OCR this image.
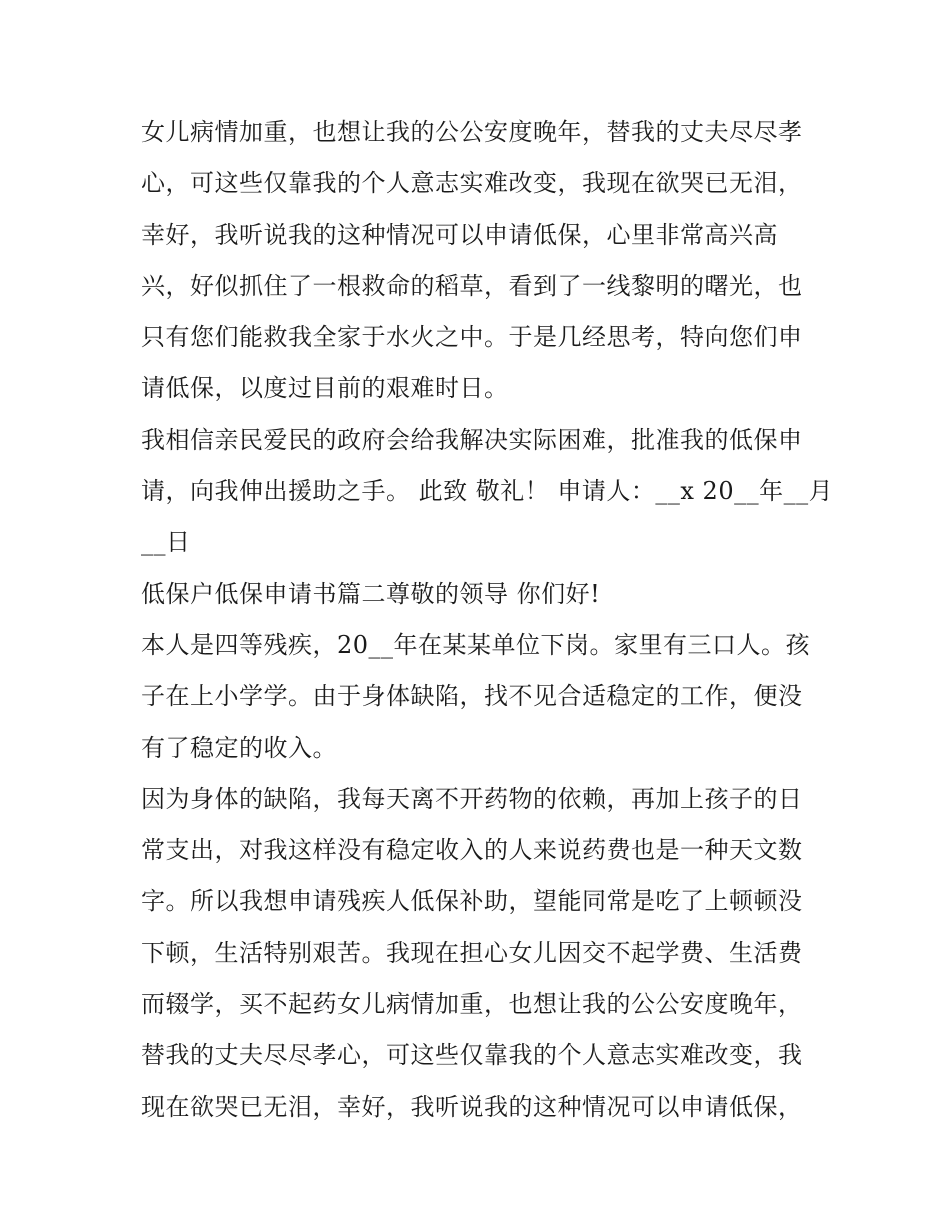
女儿病情加重，也想让我的公公安度晚年，替我的丈夫尽尽孝
心，可这些仅靠我的个人意志实难改变，我现在欲哭已无泪，
幸好，我听说我的这种情况可以申请低保，心里非常高兴高
兴，好似抓住了一根救命的稻草，看到了一线黎明的曙光，也
只有您们能救我全家于水火之中。于是几经思考，特向您们申
请低保，以度过目前的艰难时日。
我相信亲民爱民的政府会给我解决实际困难，批准我的低保申
请，向我伸出援助之手。 此致 敬礼！ 申请人：__x 20__年__月
__日
低保户低保申请书篇二尊敬的领导 你们好!
本人是四等残疾，20__年在某某单位下岗。家里有三口人。孩
子在上小学学。由于身体缺陷，找不见合适稳定的工作，便没
有了稳定的收入。
因为身体的缺陷，我每天离不开药物的依赖，再加上孩子的日
常支出，对我这样没有稳定收入的人来说药费也是一种天文数
字。所以我想申请残疾人低保补助，望能同常是吃了上顿顿没
下顿，生活特别艰苦。我现在担心女儿因交不起学费、生活费
而辍学，买不起药女儿病情加重，也想让我的公公安度晚年，
替我的丈夫尽尽孝心，可这些仅靠我的个人意志实难改变，我
现在欲哭已无泪，幸好，我听说我的这种情况可以申请低保，
